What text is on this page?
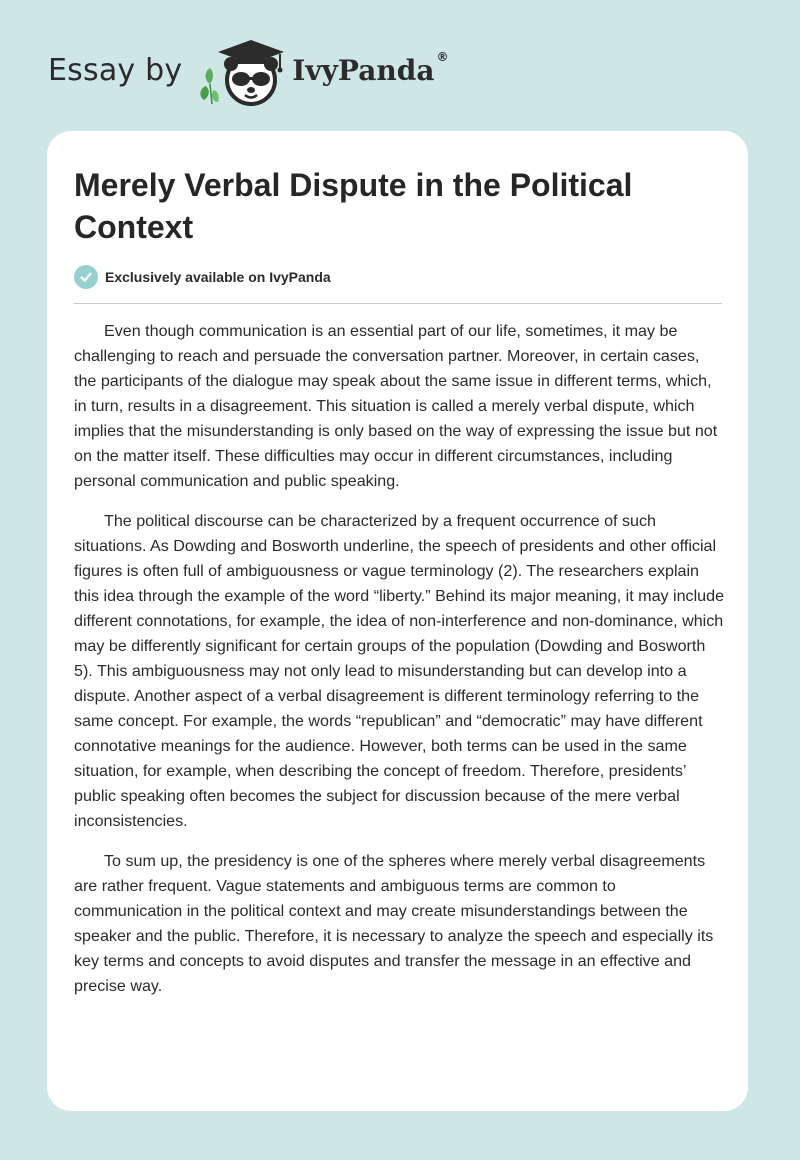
Essay by	IvyPanda ®
Merely Verbal Dispute in the Political Context
Exclusively available on IvyPanda

Even though communication is an essential part of our life, sometimes, it may be challenging to reach and persuade the conversation partner. Moreover, in certain cases, the participants of the dialogue may speak about the same issue in different terms, which, in turn, results in a disagreement. This situation is called a merely verbal dispute, which implies that the misunderstanding is only based on the way of expressing the issue but not on the matter itself. These difficulties may occur in different circumstances, including personal communication and public speaking.

The political discourse can be characterized by a frequent occurrence of such situations. As Dowding and Bosworth underline, the speech of presidents and other official figures is often full of ambiguousness or vague terminology (2). The researchers explain this idea through the example of the word “liberty.” Behind its major meaning, it may include different connotations, for example, the idea of non-interference and non-dominance, which may be differently significant for certain groups of the population (Dowding and Bosworth 5). This ambiguousness may not only lead to misunderstanding but can develop into a dispute. Another aspect of a verbal disagreement is different terminology referring to the same concept. For example, the words “republican” and “democratic” may have different connotative meanings for the audience. However, both terms can be used in the same situation, for example, when describing the concept of freedom. Therefore, presidents’ public speaking often becomes the subject for discussion because of the mere verbal inconsistencies.

To sum up, the presidency is one of the spheres where merely verbal disagreements are rather frequent. Vague statements and ambiguous terms are common to communication in the political context and may create misunderstandings between the speaker and the public. Therefore, it is necessary to analyze the speech and especially its key terms and concepts to avoid disputes and transfer the message in an effective and precise way.
